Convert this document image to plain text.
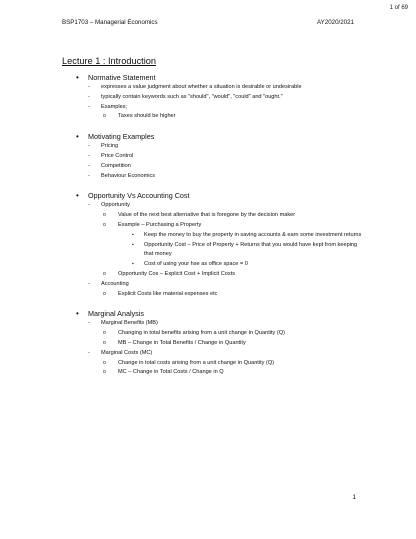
1 of 69
BSP1703 – Managerial Economics	AY2020/2021
Lecture 1 : Introduction
• Normative Statement
- expresses a value judgment about whether a situation is desirable or undesirable
- typically contain keywords such as "should", "would", "could" and "ought."
- Examples;
o Taxes should be higher
• Motivating Examples
- Pricing
- Price Control
- Competition
- Behaviour Economics
• Opportunity Vs Accounting Cost
- Opportunity
o Value of the next best alternative that is foregone by the decision maker
o Example – Purchasing a Property
▪ Keep the money to buy the property in saving accounts & earn some investment returns
▪ Opportunity Cost – Price of Property + Returns that you would have kept from keeping that money
▪ Cost of using your hse as office space = 0
o Opportunity Cos – Explicit Cost + Implicit Costs
- Accounting
o Explicit Costs like material expenses etc
• Marginal Analysis
- Marginal Benefits (MB)
o Changing in total benefits arising from a unit change in Quantity (Q)
o MB – Change in Total Benefits / Change in Quantity
- Marginal Costs (MC)
o Change in total costs arising from a unit change in Quantity (Q)
o MC – Change in Total Costs / Change in Q
1
